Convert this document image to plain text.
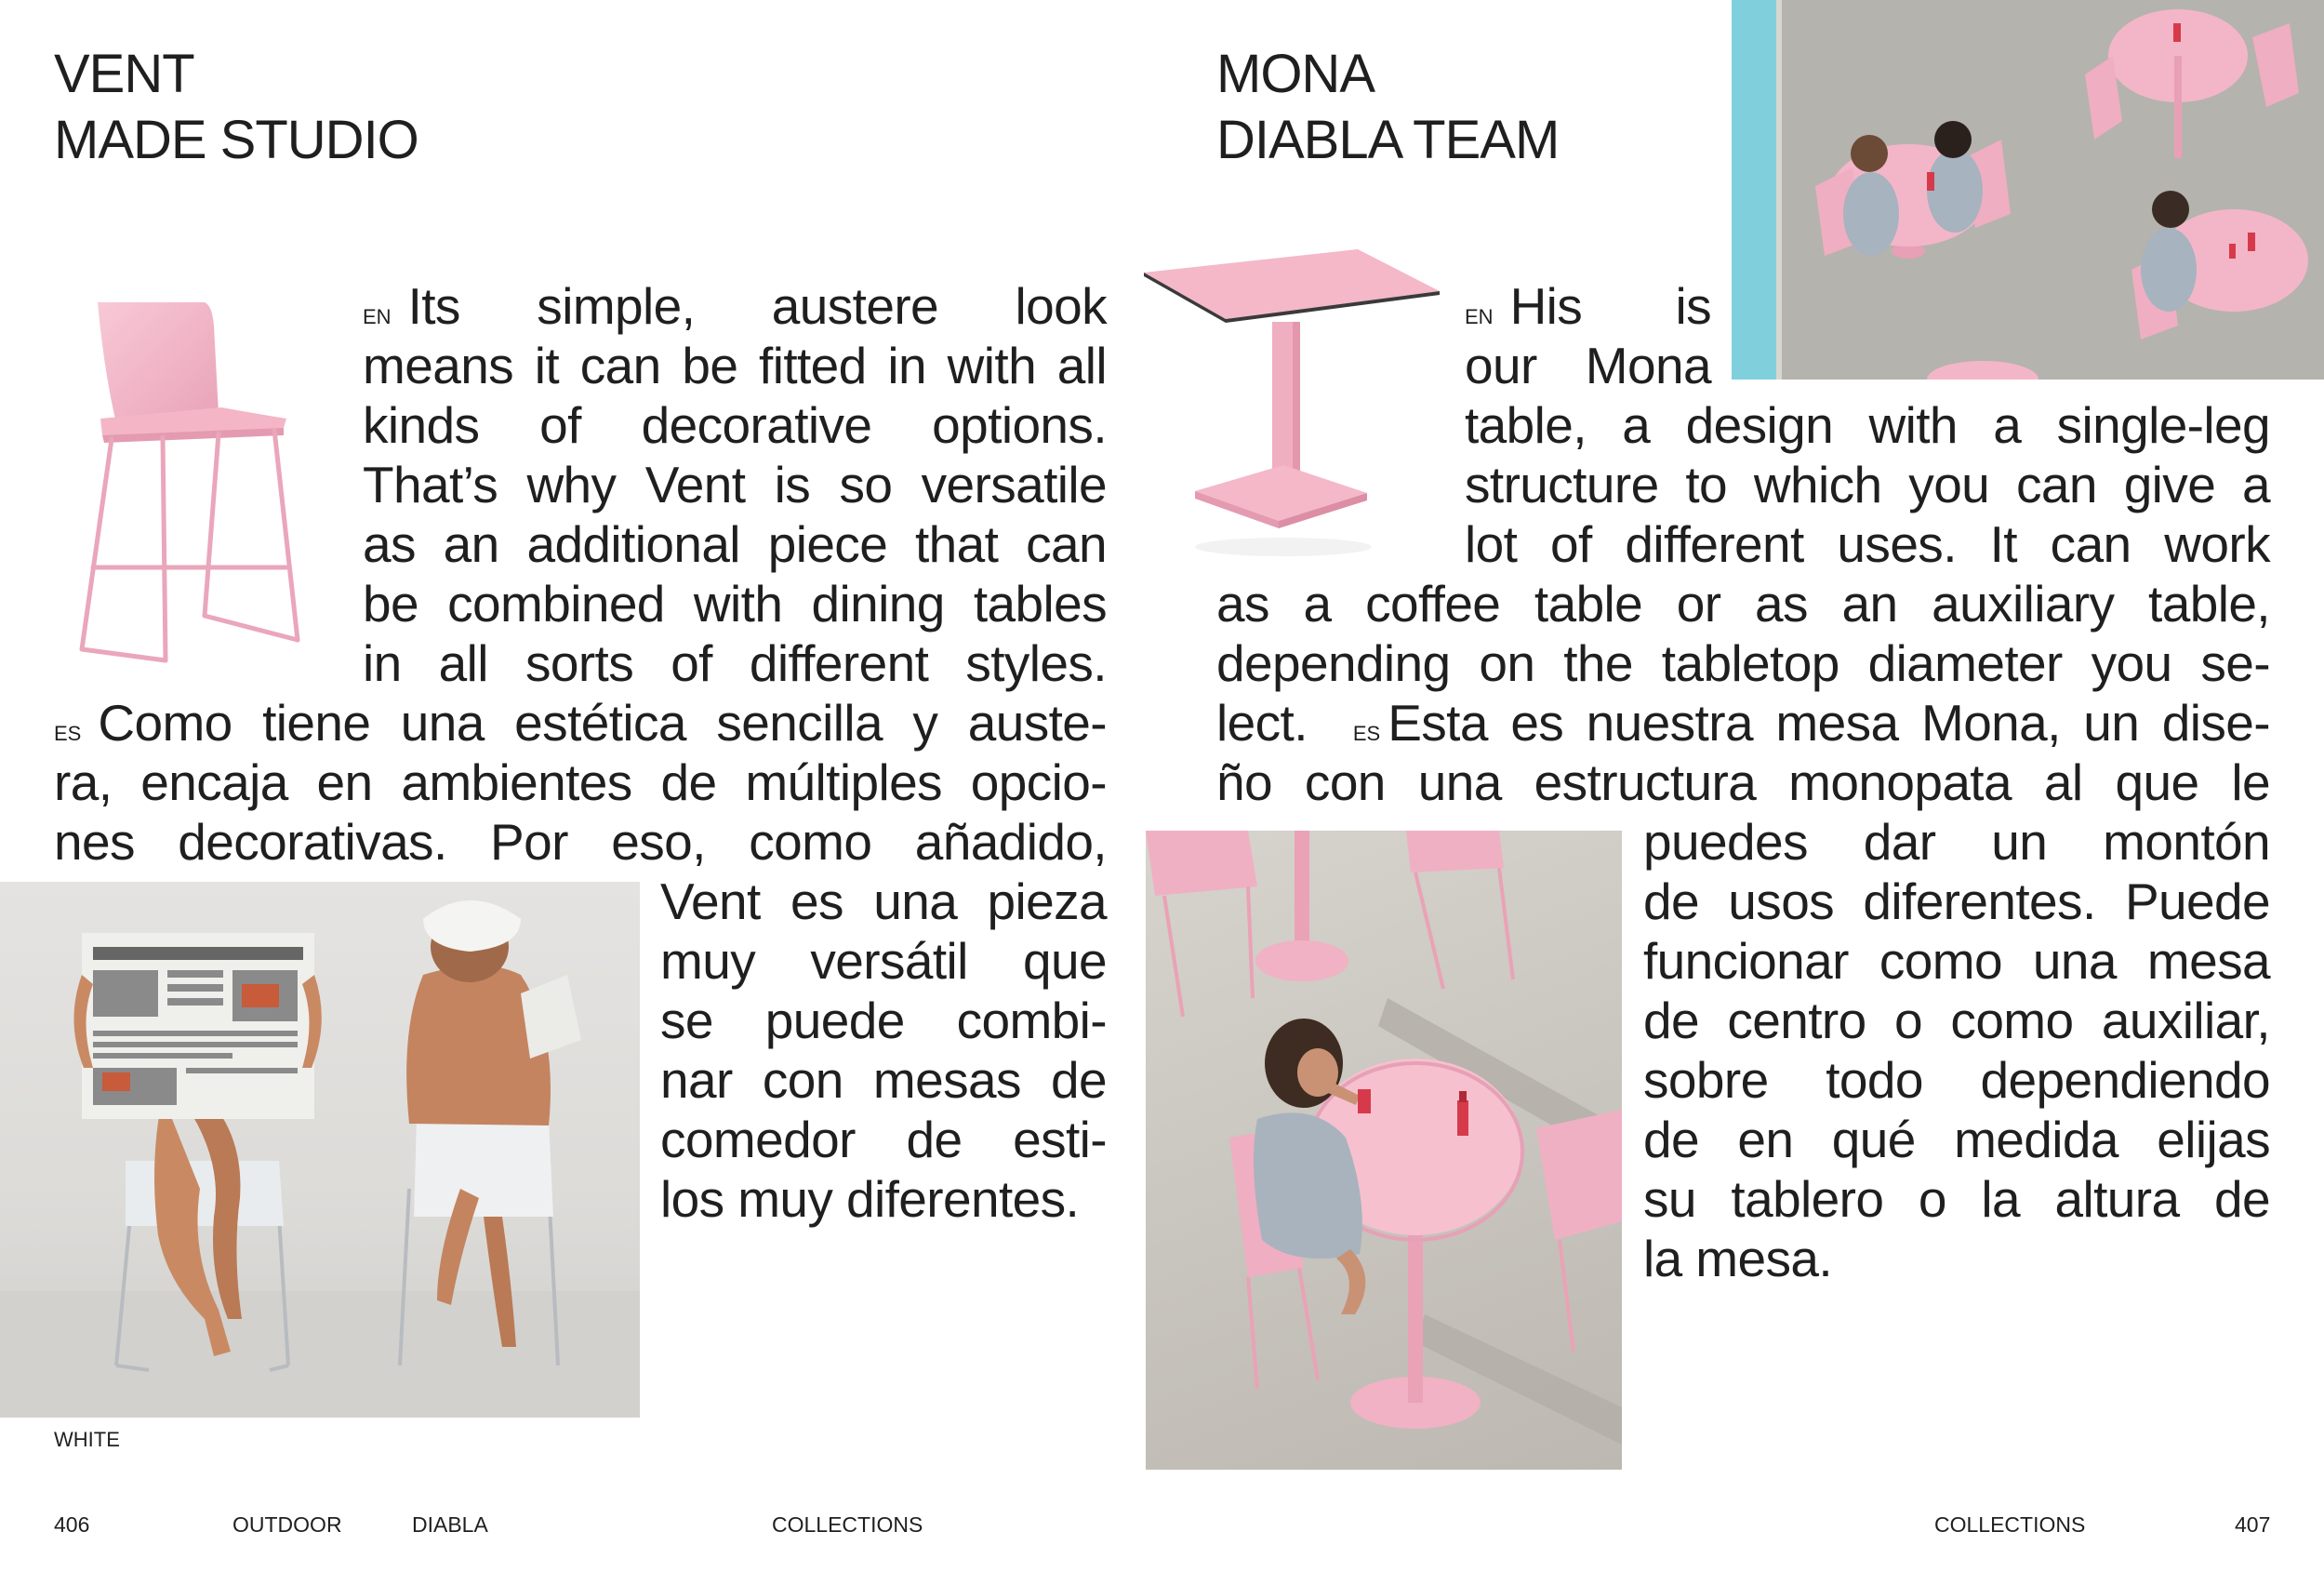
VENT
MADE STUDIO
EN Its simple, austere look
means it can be fitted in with all
kinds of decorative options.
That’s why Vent is so versatile
as an additional piece that can
be combined with dining tables
in all sorts of different styles.
ES Como tiene una estética sencilla y auste-
ra, encaja en ambientes de múltiples opcio-
nes decorativas. Por eso, como añadido,
Vent es una pieza
muy versátil que
se puede combi-
nar con mesas de
comedor de esti-
los muy diferentes.
WHITE
406	OUTDOOR	DIABLA	COLLECTIONS
MONA
DIABLA TEAM
EN His is
our Mona
table, a design with a single-leg
structure to which you can give a
lot of different uses. It can work
as a coffee table or as an auxiliary table,
depending on the tabletop diameter you se-
lect. ES Esta es nuestra mesa Mona, un dise-
ño con una estructura monopata al que le
puedes dar un montón
de usos diferentes. Puede
funcionar como una mesa
de centro o como auxiliar,
sobre todo dependiendo
de en qué medida elijas
su tablero o la altura de
la mesa.
COLLECTIONS	407
